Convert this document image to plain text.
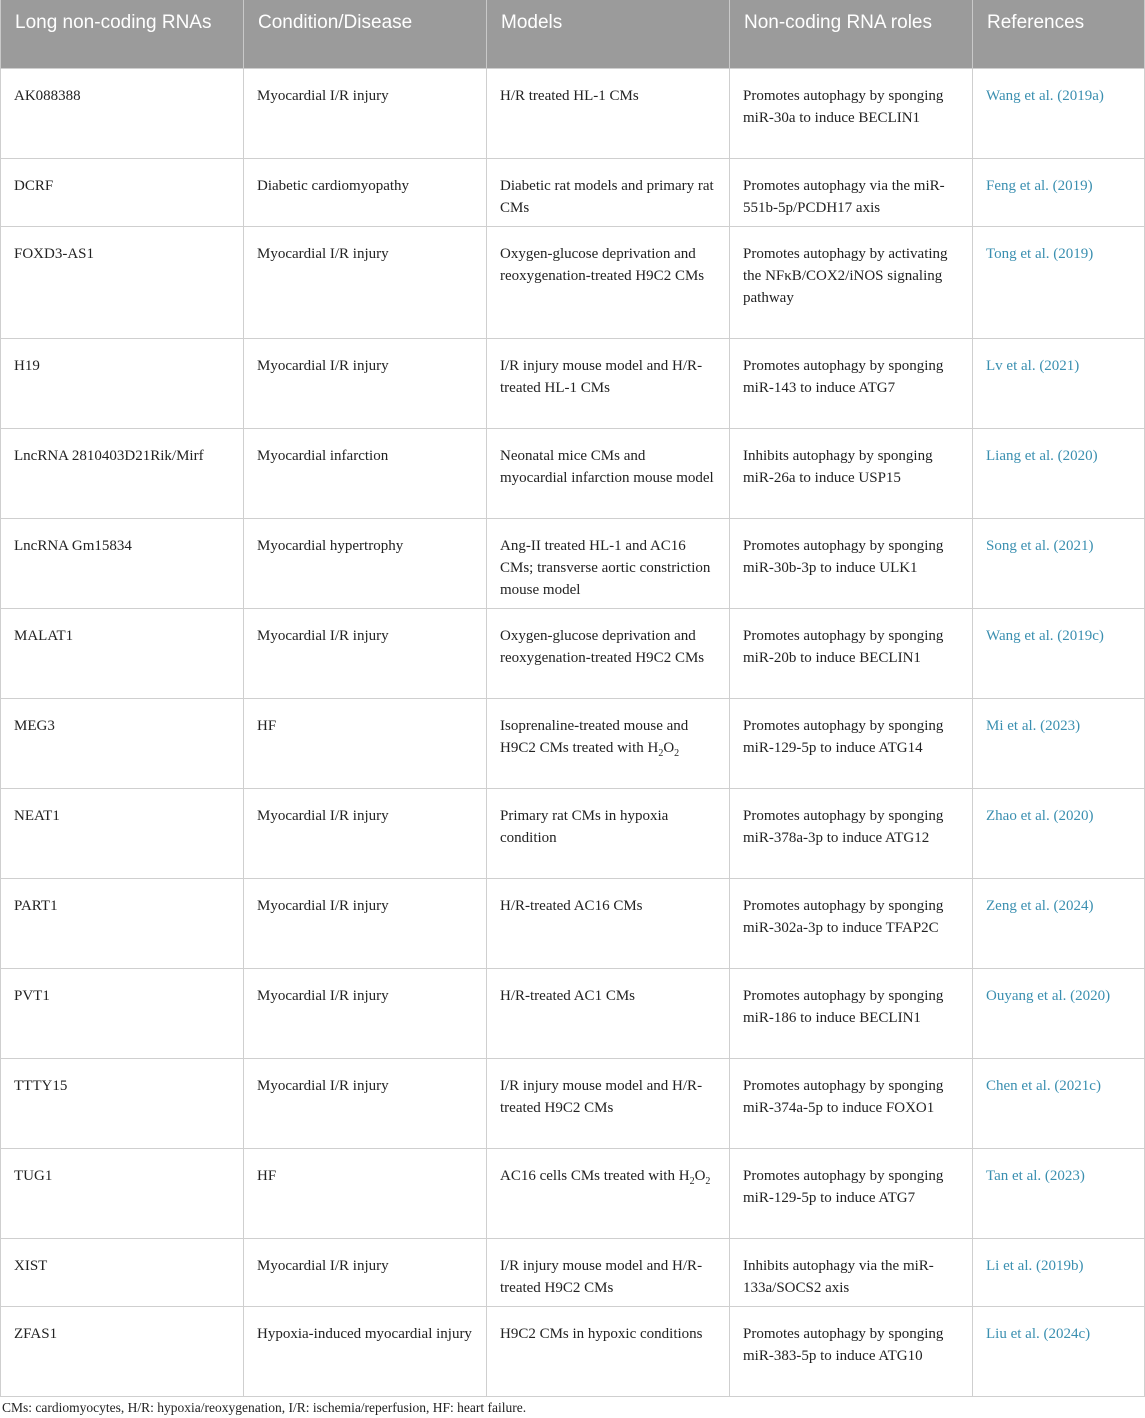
Long non-coding RNAs	Condition/Disease	Models	Non-coding RNA roles	References
AK088388	Myocardial I/R injury	H/R treated HL-1 CMs	Promotes autophagy by sponging miR-30a to induce BECLIN1	Wang et al. (2019a)
DCRF	Diabetic cardiomyopathy	Diabetic rat models and primary rat CMs	Promotes autophagy via the miR-551b-5p/PCDH17 axis	Feng et al. (2019)
FOXD3-AS1	Myocardial I/R injury	Oxygen-glucose deprivation and reoxygenation-treated H9C2 CMs	Promotes autophagy by activating the NFκB/COX2/iNOS signaling pathway	Tong et al. (2019)
H19	Myocardial I/R injury	I/R injury mouse model and H/R-treated HL-1 CMs	Promotes autophagy by sponging miR-143 to induce ATG7	Lv et al. (2021)
LncRNA 2810403D21Rik/Mirf	Myocardial infarction	Neonatal mice CMs and myocardial infarction mouse model	Inhibits autophagy by sponging miR-26a to induce USP15	Liang et al. (2020)
LncRNA Gm15834	Myocardial hypertrophy	Ang-II treated HL-1 and AC16 CMs; transverse aortic constriction mouse model	Promotes autophagy by sponging miR-30b-3p to induce ULK1	Song et al. (2021)
MALAT1	Myocardial I/R injury	Oxygen-glucose deprivation and reoxygenation-treated H9C2 CMs	Promotes autophagy by sponging miR-20b to induce BECLIN1	Wang et al. (2019c)
MEG3	HF	Isoprenaline-treated mouse and H9C2 CMs treated with $H_2O_2$	Promotes autophagy by sponging miR-129-5p to induce ATG14	Mi et al. (2023)
NEAT1	Myocardial I/R injury	Primary rat CMs in hypoxia condition	Promotes autophagy by sponging miR-378a-3p to induce ATG12	Zhao et al. (2020)
PART1	Myocardial I/R injury	H/R-treated AC16 CMs	Promotes autophagy by sponging miR-302a-3p to induce TFAP2C	Zeng et al. (2024)
PVT1	Myocardial I/R injury	H/R-treated AC1 CMs	Promotes autophagy by sponging miR-186 to induce BECLIN1	Ouyang et al. (2020)
TTTY15	Myocardial I/R injury	I/R injury mouse model and H/R-treated H9C2 CMs	Promotes autophagy by sponging miR-374a-5p to induce FOXO1	Chen et al. (2021c)
TUG1	HF	AC16 cells CMs treated with $H_2O_2$	Promotes autophagy by sponging miR-129-5p to induce ATG7	Tan et al. (2023)
XIST	Myocardial I/R injury	I/R injury mouse model and H/R-treated H9C2 CMs	Inhibits autophagy via the miR-133a/SOCS2 axis	Li et al. (2019b)
ZFAS1	Hypoxia-induced myocardial injury	H9C2 CMs in hypoxic conditions	Promotes autophagy by sponging miR-383-5p to induce ATG10	Liu et al. (2024c)
CMs: cardiomyocytes, H/R: hypoxia/reoxygenation, I/R: ischemia/reperfusion, HF: heart failure.
